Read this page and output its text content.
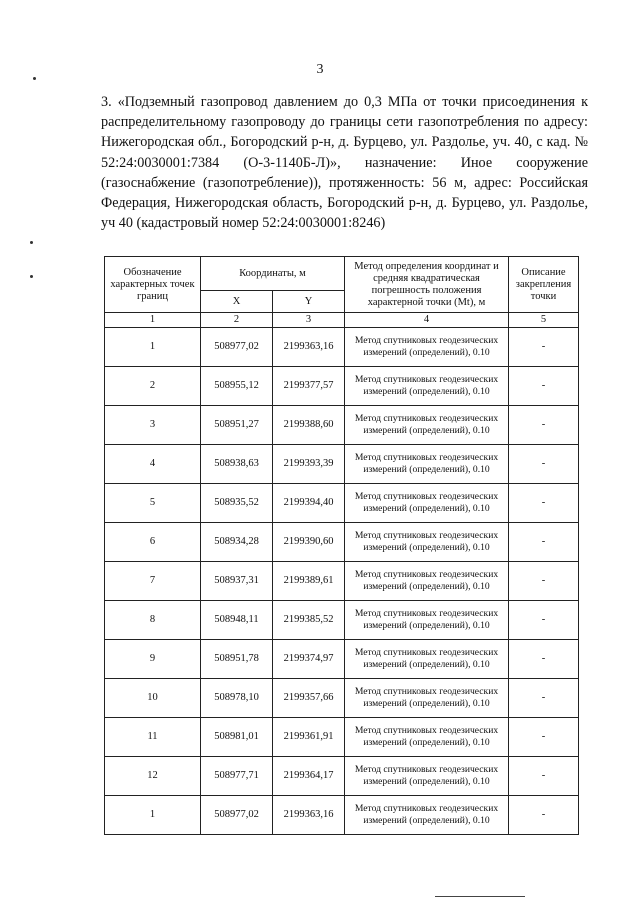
3
3. «Подземный газопровод давлением до 0,3 МПа от точки присоединения к распределительному газопроводу до границы сети газопотребления по адресу: Нижегородская обл., Богородский р-н, д. Бурцево, ул. Раздолье, уч. 40, с кад. № 52:24:0030001:7384 (О-3-1140Б-Л)», назначение: Иное сооружение (газоснабжение (газопотребление)), протяженность: 56 м, адрес: Российская Федерация, Нижегородская область, Богородский р-н, д. Бурцево, ул. Раздолье, уч 40 (кадастровый номер 52:24:0030001:8246)
Обозначение характерных точек границ	Координаты, м		Метод определения координат и средняя квадратическая погрешность положения характерной точки (Mt), м	Описание закрепления точки
	X	Y		
1	2	3	4	5
1	508977,02	2199363,16	Метод спутниковых геодезических измерений (определений), 0.10	-
2	508955,12	2199377,57	Метод спутниковых геодезических измерений (определений), 0.10	-
3	508951,27	2199388,60	Метод спутниковых геодезических измерений (определений), 0.10	-
4	508938,63	2199393,39	Метод спутниковых геодезических измерений (определений), 0.10	-
5	508935,52	2199394,40	Метод спутниковых геодезических измерений (определений), 0.10	-
6	508934,28	2199390,60	Метод спутниковых геодезических измерений (определений), 0.10	-
7	508937,31	2199389,61	Метод спутниковых геодезических измерений (определений), 0.10	-
8	508948,11	2199385,52	Метод спутниковых геодезических измерений (определений), 0.10	-
9	508951,78	2199374,97	Метод спутниковых геодезических измерений (определений), 0.10	-
10	508978,10	2199357,66	Метод спутниковых геодезических измерений (определений), 0.10	-
11	508981,01	2199361,91	Метод спутниковых геодезических измерений (определений), 0.10	-
12	508977,71	2199364,17	Метод спутниковых геодезических измерений (определений), 0.10	-
1	508977,02	2199363,16	Метод спутниковых геодезических измерений (определений), 0.10	-
